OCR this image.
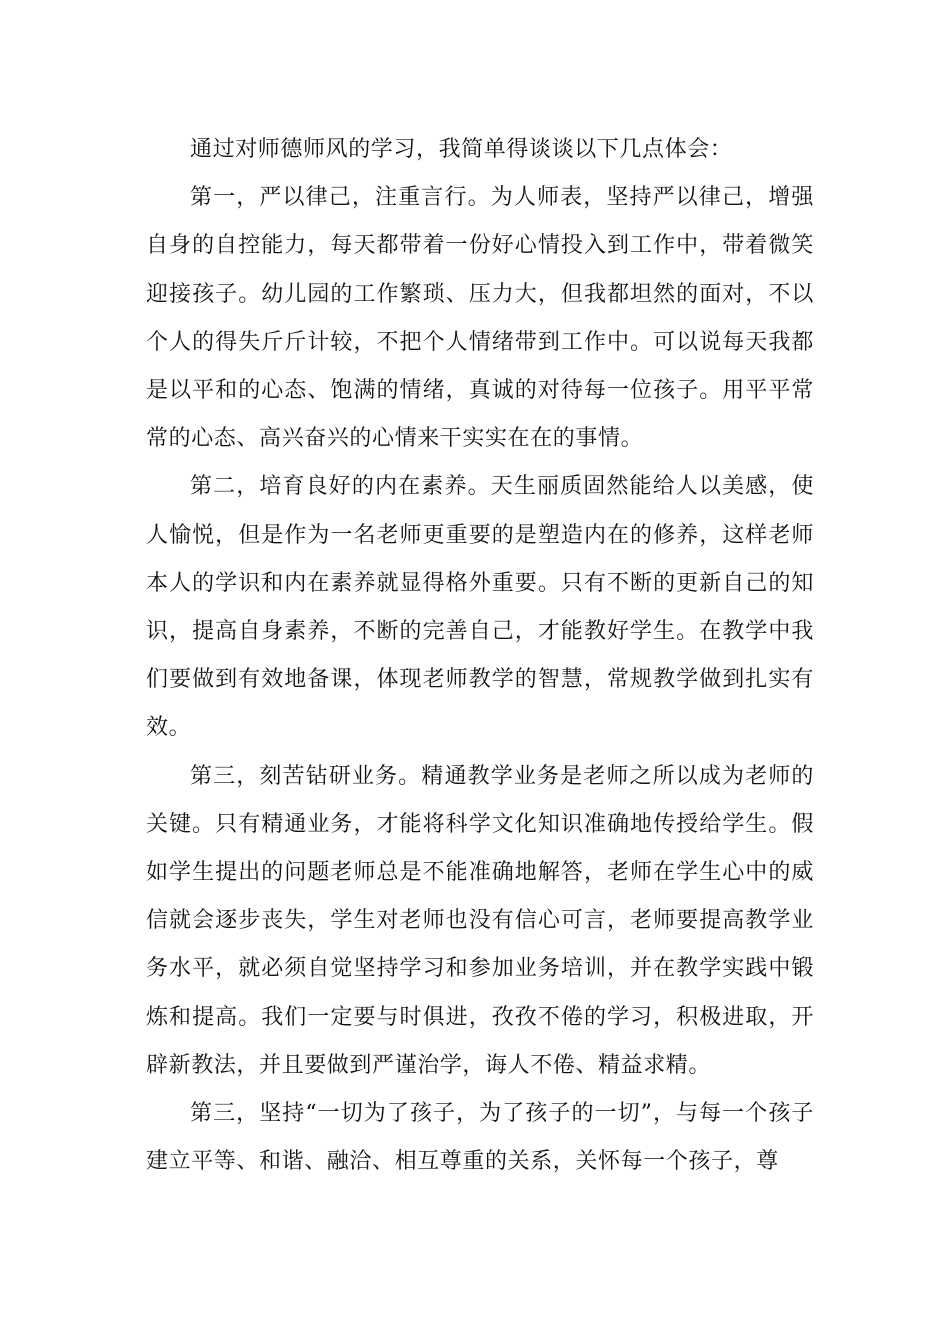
通过对师德师风的学习，我简单得谈谈以下几点体会：

第一，严以律己，注重言行。为人师表，坚持严以律己，增强自身的自控能力，每天都带着一份好心情投入到工作中，带着微笑迎接孩子。幼儿园的工作繁琐、压力大，但我都坦然的面对，不以个人的得失斤斤计较，不把个人情绪带到工作中。可以说每天我都是以平和的心态、饱满的情绪，真诚的对待每一位孩子。用平平常常的心态、高兴奋兴的心情来干实实在在的事情。

第二，培育良好的内在素养。天生丽质固然能给人以美感，使人愉悦，但是作为一名老师更重要的是塑造内在的修养，这样老师本人的学识和内在素养就显得格外重要。只有不断的更新自己的知识，提高自身素养，不断的完善自己，才能教好学生。在教学中我们要做到有效地备课，体现老师教学的智慧，常规教学做到扎实有效。

第三，刻苦钻研业务。精通教学业务是老师之所以成为老师的关键。只有精通业务，才能将科学文化知识准确地传授给学生。假如学生提出的问题老师总是不能准确地解答，老师在学生心中的威信就会逐步丧失，学生对老师也没有信心可言，老师要提高教学业务水平，就必须自觉坚持学习和参加业务培训，并在教学实践中锻炼和提高。我们一定要与时俱进，孜孜不倦的学习，积极进取，开辟新教法，并且要做到严谨治学，诲人不倦、精益求精。

第三，坚持“一切为了孩子，为了孩子的一切”，与每一个孩子建立平等、和谐、融洽、相互尊重的关系，关怀每一个孩子，尊
